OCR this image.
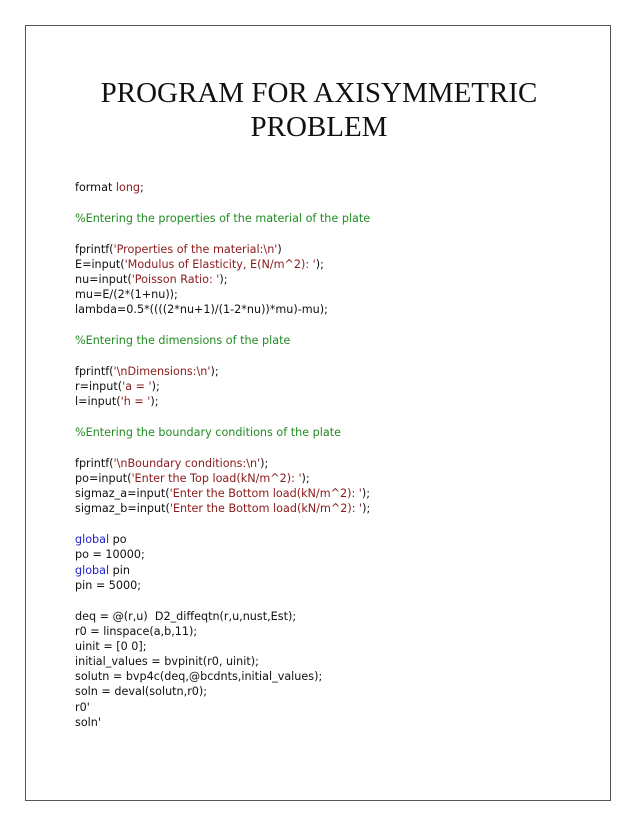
PROGRAM FOR AXISYMMETRIC
PROBLEM
format long;
%Entering the properties of the material of the plate
fprintf('Properties of the material:\n')
E=input('Modulus of Elasticity, E(N/m^2): ');
nu=input('Poisson Ratio: ');
mu=E/(2*(1+nu));
lambda=0.5*((((2*nu+1)/(1-2*nu))*mu)-mu);
%Entering the dimensions of the plate
fprintf('\nDimensions:\n');
r=input('a = ');
l=input('h = ');
%Entering the boundary conditions of the plate
fprintf('\nBoundary conditions:\n');
po=input('Enter the Top load(kN/m^2): ');
sigmaz_a=input('Enter the Bottom load(kN/m^2): ');
sigmaz_b=input('Enter the Bottom load(kN/m^2): ');
global po
po = 10000;
global pin
pin = 5000;
deq = @(r,u)  D2_diffeqtn(r,u,nust,Est);
r0 = linspace(a,b,11);
uinit = [0 0];
initial_values = bvpinit(r0, uinit);
solutn = bvp4c(deq,@bcdnts,initial_values);
soln = deval(solutn,r0);
r0'
soln'
